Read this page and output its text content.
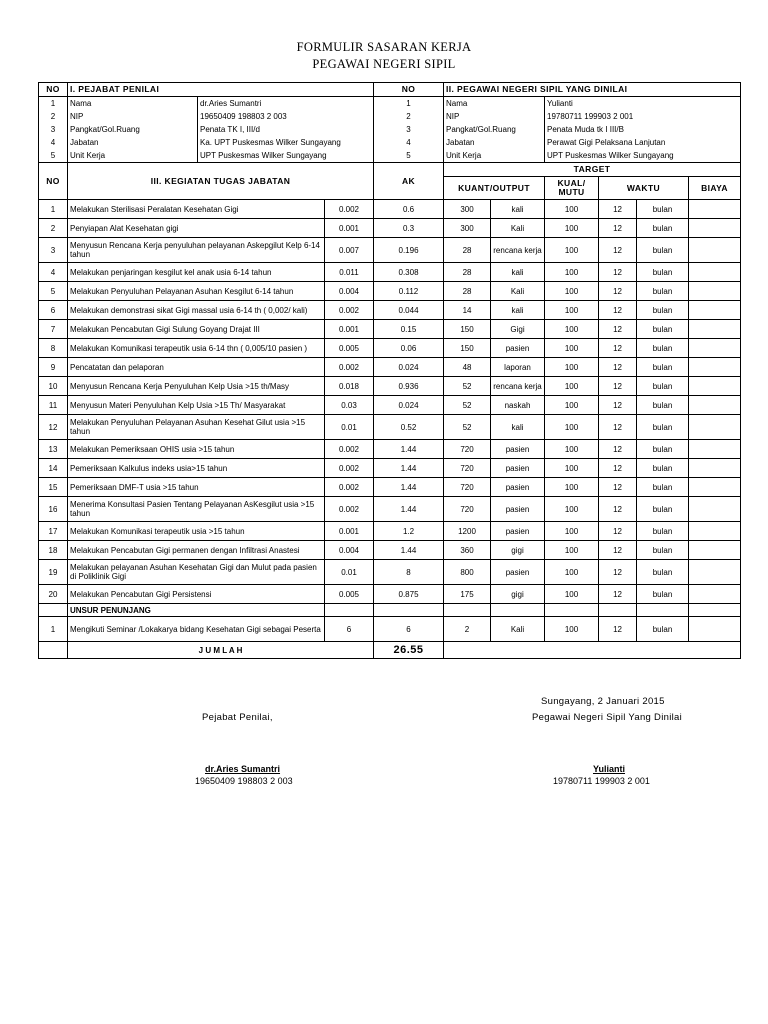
FORMULIR SASARAN KERJA
PEGAWAI NEGERI SIPIL
NO	I. PEJABAT PENILAI			NO	II. PEGAWAI NEGERI SIPIL YANG DINILAI					
1	Nama	dr.Aries Sumantri		1	Nama		Yulianti			
2	NIP	19650409 198803 2 003		2	NIP		19780711 199903 2 001			
3	Pangkat/Gol.Ruang	Penata TK I, III/d		3	Pangkat/Gol.Ruang		Penata Muda tk I III/B			
4	Jabatan	Ka. UPT Puskesmas Wilker Sungayang		4	Jabatan		Perawat Gigi Pelaksana Lanjutan			
5	Unit Kerja	UPT Puskesmas Wilker Sungayang		5	Unit Kerja		UPT Puskesmas Wilker Sungayang			
NO	III. KEGIATAN TUGAS JABATAN			AK	TARGET					
					KUANT/OUTPUT		KUAL/ MUTU	WAKTU		BIAYA
1	Melakukan Sterilisasi Peralatan Kesehatan Gigi		0.002	0.6	300	kali	100	12	bulan	
2	Penyiapan Alat Kesehatan gigi		0.001	0.3	300	Kali	100	12	bulan	
3	Menyusun Rencana Kerja penyuluhan pelayanan Askepgilut Kelp 6-14 tahun		0.007	0.196	28	rencana kerja	100	12	bulan	
4	Melakukan penjaringan kesgilut kel anak usia 6-14 tahun		0.011	0.308	28	kali	100	12	bulan	
5	Melakukan Penyuluhan Pelayanan Asuhan Kesgilut 6-14 tahun		0.004	0.112	28	Kali	100	12	bulan	
6	Melakukan demonstrasi sikat Gigi massal usia 6-14 th ( 0,002/ kali)		0.002	0.044	14	kali	100	12	bulan	
7	Melakukan Pencabutan Gigi Sulung Goyang Drajat III		0.001	0.15	150	Gigi	100	12	bulan	
8	Melakukan Komunikasi terapeutik usia 6-14 thn ( 0,005/10 pasien )		0.005	0.06	150	pasien	100	12	bulan	
9	Pencatatan dan pelaporan		0.002	0.024	48	laporan	100	12	bulan	
10	Menyusun Rencana Kerja Penyuluhan Kelp Usia >15 th/Masy		0.018	0.936	52	rencana kerja	100	12	bulan	
11	Menyusun Materi Penyuluhan Kelp Usia >15 Th/ Masyarakat		0.03	0.024	52	naskah	100	12	bulan	
12	Melakukan Penyuluhan Pelayanan Asuhan Kesehat Gilut usia >15 tahun		0.01	0.52	52	kali	100	12	bulan	
13	Melakukan Pemeriksaan OHIS usia >15 tahun		0.002	1.44	720	pasien	100	12	bulan	
14	Pemeriksaan Kalkulus indeks usia>15 tahun		0.002	1.44	720	pasien	100	12	bulan	
15	Pemeriksaan DMF-T usia >15 tahun		0.002	1.44	720	pasien	100	12	bulan	
16	Menerima Konsultasi Pasien Tentang Pelayanan AsKesgilut usia >15 tahun		0.002	1.44	720	pasien	100	12	bulan	
17	Melakukan Komunikasi terapeutik usia >15 tahun		0.001	1.2	1200	pasien	100	12	bulan	
18	Melakukan Pencabutan Gigi permanen dengan Infiltrasi Anastesi		0.004	1.44	360	gigi	100	12	bulan	
19	Melakukan pelayanan Asuhan Kesehatan Gigi dan Mulut pada pasien di Poliklinik Gigi		0.01	8	800	pasien	100	12	bulan	
20	Melakukan Pencabutan Gigi Persistensi		0.005	0.875	175	gigi	100	12	bulan	
	UNSUR PENUNJANG									
1	Mengikuti Seminar /Lokakarya bidang Kesehatan Gigi sebagai Peserta		6	6	2	Kali	100	12	bulan	
	J U M L A H			26.55						
Sungayang, 2 Januari 2015
Pejabat Penilai,	Pegawai Negeri Sipil Yang Dinilai
dr.Aries Sumantri
19650409 198803 2 003
Yulianti
19780711 199903 2 001
